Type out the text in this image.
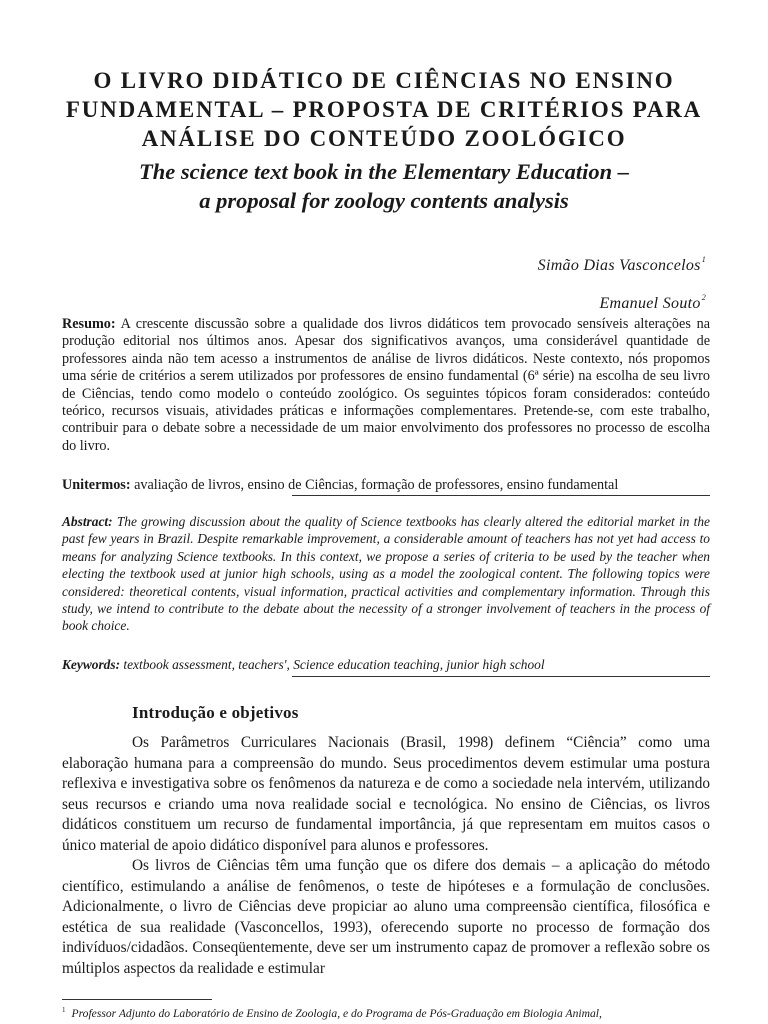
O LIVRO DIDÁTICO DE CIÊNCIAS NO ENSINO
FUNDAMENTAL – PROPOSTA DE CRITÉRIOS PARA
ANÁLISE DO CONTEÚDO ZOOLÓGICO
The science text book in the Elementary Education –
a proposal for zoology contents analysis
Simão Dias Vasconcelos$^1$
Emanuel Souto$^2$

Resumo: A crescente discussão sobre a qualidade dos livros didáticos tem provocado sensíveis alterações na produção editorial nos últimos anos. Apesar dos significativos avanços, uma considerável quantidade de professores ainda não tem acesso a instrumentos de análise de livros didáticos. Neste contexto, nós propomos uma série de critérios a serem utilizados por professores de ensino fundamental (6ª série) na escolha de seu livro de Ciências, tendo como modelo o conteúdo zoológico. Os seguintes tópicos foram considerados: conteúdo teórico, recursos visuais, atividades práticas e informações complementares. Pretende-se, com este trabalho, contribuir para o debate sobre a necessidade de um maior envolvimento dos professores no processo de escolha do livro.

Unitermos: avaliação de livros, ensino de Ciências, formação de professores, ensino fundamental

Abstract: The growing discussion about the quality of Science textbooks has clearly altered the editorial market in the past few years in Brazil. Despite remarkable improvement, a considerable amount of teachers has not yet had access to means for analyzing Science textbooks. In this context, we propose a series of criteria to be used by the teacher when electing the textbook used at junior high schools, using as a model the zoological content. The following topics were considered: theoretical contents, visual information, practical activities and complementary information. Through this study, we intend to contribute to the debate about the necessity of a stronger involvement of teachers in the process of book choice.

Keywords: textbook assessment, teachers', Science education teaching, junior high school

Introdução e objetivos

Os Parâmetros Curriculares Nacionais (Brasil, 1998) definem “Ciência” como uma elaboração humana para a compreensão do mundo. Seus procedimentos devem estimular uma postura reflexiva e investigativa sobre os fenômenos da natureza e de como a sociedade nela intervém, utilizando seus recursos e criando uma nova realidade social e tecnológica. No ensino de Ciências, os livros didáticos constituem um recurso de fundamental importância, já que representam em muitos casos o único material de apoio didático disponível para alunos e professores.

Os livros de Ciências têm uma função que os difere dos demais – a aplicação do método científico, estimulando a análise de fenômenos, o teste de hipóteses e a formulação de conclusões. Adicionalmente, o livro de Ciências deve propiciar ao aluno uma compreensão científica, filosófica e estética de sua realidade (Vasconcellos, 1993), oferecendo suporte no processo de formação dos indivíduos/cidadãos. Conseqüentemente, deve ser um instrumento capaz de promover a reflexão sobre os múltiplos aspectos da realidade e estimular

$^1$ Professor Adjunto do Laboratório de Ensino de Zoologia, e do Programa de Pós-Graduação em Biologia Animal,
